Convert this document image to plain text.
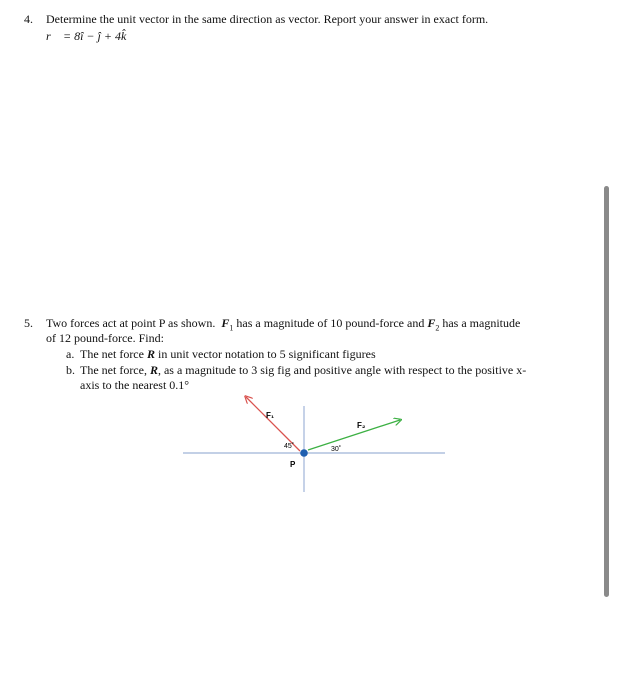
4. Determine the unit vector in the same direction as vector. Report your answer in exact form.
r⃗ = 8î − ĵ + 4k̂
5. Two forces act at point P as shown. $F_1$ has a magnitude of 10 pound-force and $F_2$ has a magnitude
of 12 pound-force. Find:
a. The net force R in unit vector notation to 5 significant figures
b. The net force, R, as a magnitude to 3 sig fig and positive angle with respect to the positive x-
axis to the nearest 0.1°
F₁
F₂
45˚	30˚
P
